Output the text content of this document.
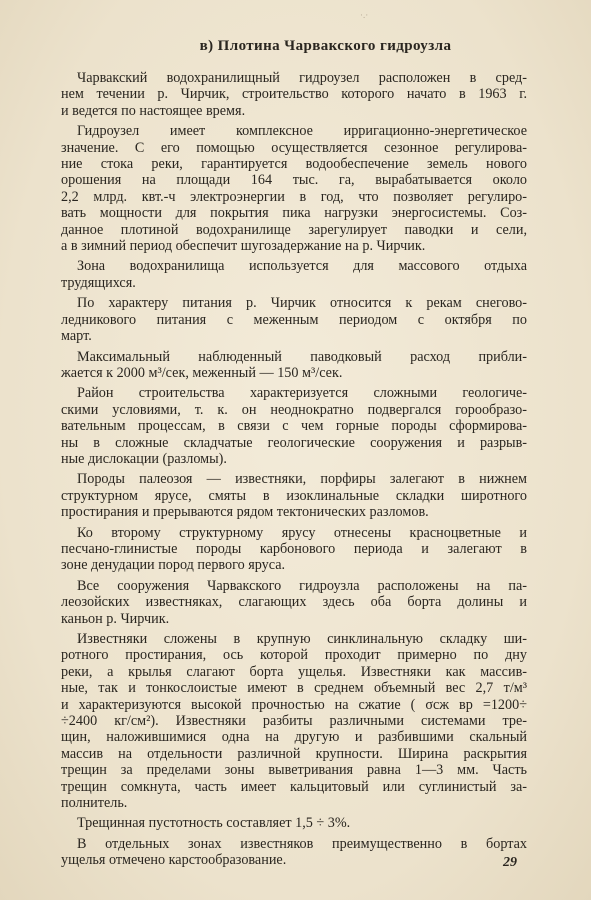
·.·
в) Плотина Чарвакского гидроузла
Чарвакский водохранилищный гидроузел расположен в сред-
нем течении р. Чирчик, строительство которого начато в 1963 г.
и ведется по настоящее время.
Гидроузел имеет комплексное ирригационно-энергетическое
значение. С его помощью осуществляется сезонное регулирова-
ние стока реки, гарантируется водообеспечение земель нового
орошения на площади 164 тыс. га, вырабатывается около
2,2 млрд. квт.-ч электроэнергии в год, что позволяет регулиро-
вать мощности для покрытия пика нагрузки энергосистемы. Соз-
данное плотиной водохранилище зарегулирует паводки и сели,
а в зимний период обеспечит шугозадержание на р. Чирчик.
Зона водохранилища используется для массового отдыха
трудящихся.
По характеру питания р. Чирчик относится к рекам снегово-
ледникового питания с меженным периодом с октября по
март.
Максимальный наблюденный паводковый расход прибли-
жается к 2000 м³/сек, меженный — 150 м³/сек.
Район строительства характеризуется сложными геологиче-
скими условиями, т. к. он неоднократно подвергался горообразо-
вательным процессам, в связи с чем горные породы сформирова-
ны в сложные складчатые геологические сооружения и разрыв-
ные дислокации (разломы).
Породы палеозоя — известняки, порфиры залегают в нижнем
структурном ярусе, смяты в изоклинальные складки широтного
простирания и прерываются рядом тектонических разломов.
Ко второму структурному ярусу отнесены красноцветные и
песчано-глинистые породы карбонового периода и залегают в
зоне денудации пород первого яруса.
Все сооружения Чарвакского гидроузла расположены на па-
леозойских известняках, слагающих здесь оба борта долины и
каньон р. Чирчик.
Известняки сложены в крупную синклинальную складку ши-
ротного простирания, ось которой проходит примерно по дну
реки, а крылья слагают борта ущелья. Известняки как массив-
ные, так и тонкослоистые имеют в среднем объемный вес 2,7 т/м³
и характеризуются высокой прочностью на сжатие ( σсж вр =1200÷
÷2400 кг/см²). Известняки разбиты различными системами тре-
щин, наложившимися одна на другую и разбившими скальный
массив на отдельности различной крупности. Ширина раскрытия
трещин за пределами зоны выветривания равна 1—3 мм. Часть
трещин сомкнута, часть имеет кальцитовый или суглинистый за-
полнитель.
Трещинная пустотность составляет 1,5 ÷ 3%.
В отдельных зонах известняков преимущественно в бортах
ущелья отмечено карстообразование.	29
